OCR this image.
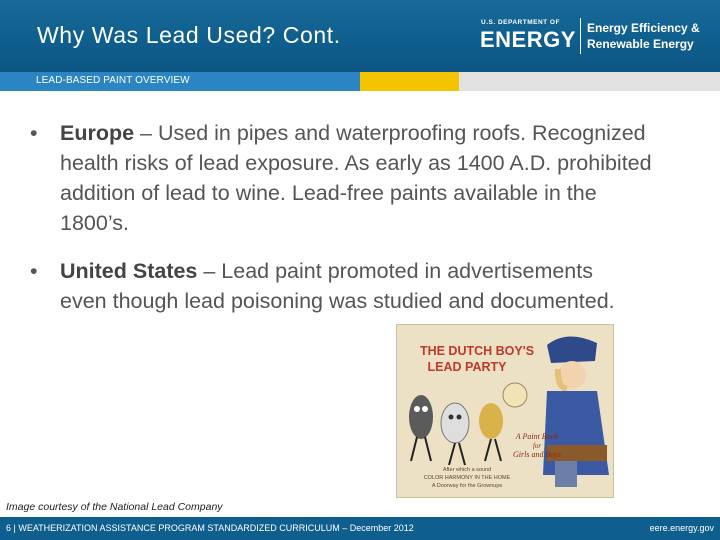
Why Was Lead Used? Cont.	U.S. DEPARTMENT OF
ENERGY Energy Efficiency &
Renewable Energy
LEAD-BASED PAINT OVERVIEW
• Europe – Used in pipes and waterproofing roofs. Recognized health risks of lead exposure. As early as 1400 A.D. prohibited addition of lead to wine. Lead-free paints available in the 1800’s.
• United States – Lead paint promoted in advertisements even though lead poisoning was studied and documented.
THE DUTCH BOY'S
LEAD PARTY
A Paint Book
for
Girls and Boys
After which a sound
COLOR HARMONY IN THE HOME
A Doorway for the Grownups
Image courtesy of the National Lead Company
6 | WEATHERIZATION ASSISTANCE PROGRAM STANDARDIZED CURRICULUM – December 2012	eere.energy.gov
